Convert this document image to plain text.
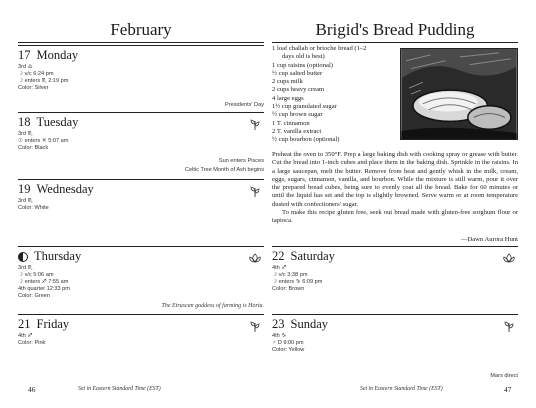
February
17 Monday
3rd ♎
☽ v/c 6:24 pm
☽ enters ♏ 2:19 pm
Color: Silver
Presidents' Day
18 Tuesday
3rd ♏
☉ enters ♓ 5:07 am
Color: Black
Sun enters Pisces
Celtic Tree Month of Ash begins
19 Wednesday
3rd ♏
Color: White
Thursday
3rd ♏
☽ v/c 5:06 am
☽ enters ♐ 7:55 am
4th quarter 12:33 pm
Color: Green
The Etruscan goddess of farming is Horta.
21 Friday
4th ♐
Color: Pink
46	Set in Eastern Standard Time (EST)
Brigid's Bread Pudding
1 loaf challah or brioche bread (1–2
days old is best)
1 cup raisins (optional)
½ cup salted butter
2 cups milk
2 cups heavy cream
4 large eggs
1½ cup granulated sugar
½ cup brown sugar
1 T. cinnamon
2 T. vanilla extract
½ cup bourbon (optional)

Preheat the oven to 350°F. Prep a large baking dish with cooking spray or grease with butter. Cut the bread into 1-inch cubes and place them in the baking dish. Sprinkle in the raisins. In a large saucepan, melt the butter. Remove from heat and gently whisk in the milk, cream, eggs, sugars, cinnamon, vanilla, and bourbon. While the mixture is still warm, pour it over the prepared bread cubes, being sure to evenly coat all the bread. Bake for 60 minutes or until the liquid has set and the top is slightly browned. Serve warm or at room temperature dusted with confectioners' sugar.

To make this recipe gluten free, seek out bread made with gluten-free sorghum flour or tapioca.

—Dawn Aurora Hunt
22 Saturday
4th ♐
☽ v/c 3:38 pm
☽ enters ♑ 6:09 pm
Color: Brown
23 Sunday
4th ♑
♂ D 9:00 pm
Color: Yellow
Mars direct
Set in Eastern Standard Time (EST)	47
